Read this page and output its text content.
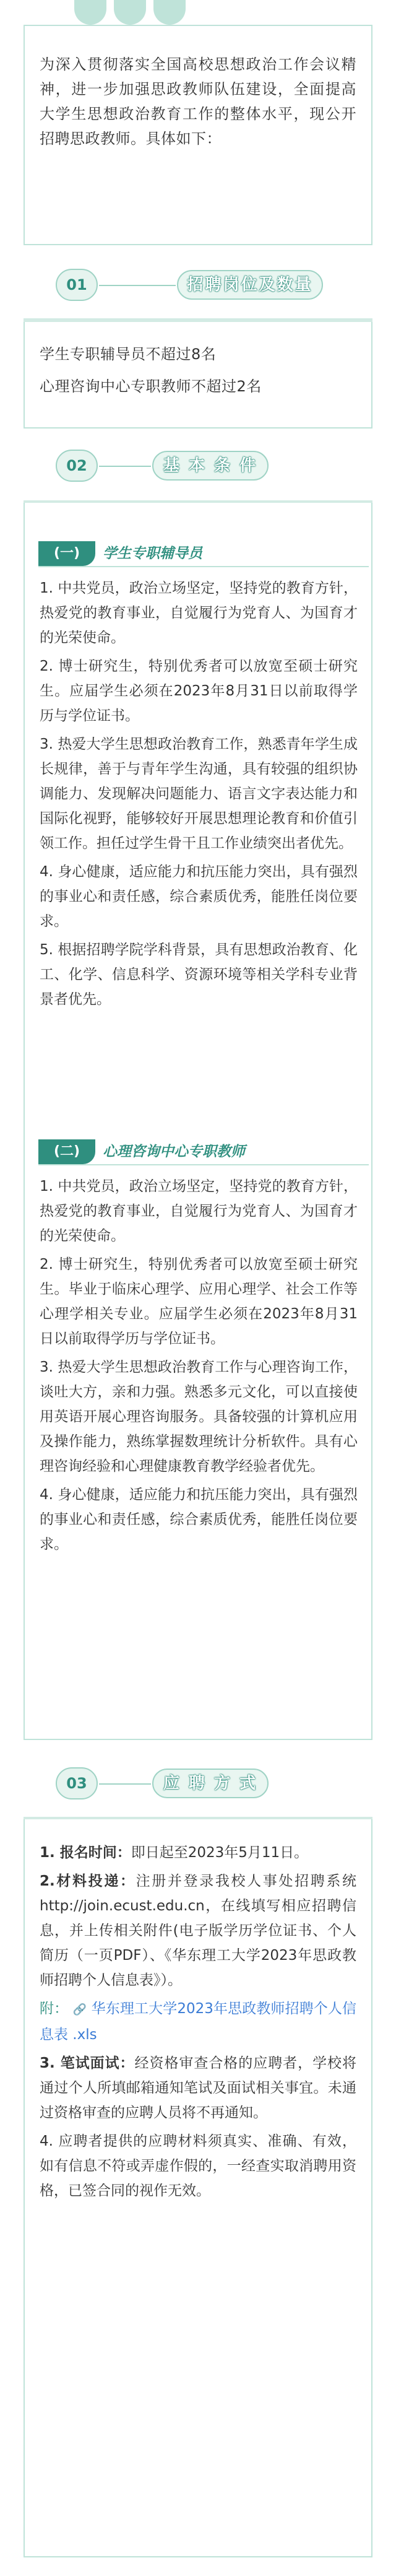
为深入贯彻落实全国高校思想政治工作会议精神，进一步加强思政教师队伍建设，全面提高大学生思想政治教育工作的整体水平，现公开招聘思政教师。具体如下：

01	招聘岗位及数量

学生专职辅导员不超过8名

心理咨询中心专职教师不超过2名

02	基 本 条 件
(一)	学生专职辅导员

1. 中共党员，政治立场坚定，坚持党的教育方针，热爱党的教育事业，自觉履行为党育人、为国育才的光荣使命。

2. 博士研究生，特别优秀者可以放宽至硕士研究生。应届学生必须在2023年8月31日以前取得学历与学位证书。

3. 热爱大学生思想政治教育工作，熟悉青年学生成长规律，善于与青年学生沟通，具有较强的组织协调能力、发现解决问题能力、语言文字表达能力和国际化视野，能够较好开展思想理论教育和价值引领工作。担任过学生骨干且工作业绩突出者优先。

4. 身心健康，适应能力和抗压能力突出，具有强烈的事业心和责任感，综合素质优秀，能胜任岗位要求。

5. 根据招聘学院学科背景，具有思想政治教育、化工、化学、信息科学、资源环境等相关学科专业背景者优先。

(二)	心理咨询中心专职教师

1. 中共党员，政治立场坚定，坚持党的教育方针，热爱党的教育事业，自觉履行为党育人、为国育才的光荣使命。

2. 博士研究生，特别优秀者可以放宽至硕士研究生。毕业于临床心理学、应用心理学、社会工作等心理学相关专业。应届学生必须在2023年8月31日以前取得学历与学位证书。

3. 热爱大学生思想政治教育工作与心理咨询工作，谈吐大方，亲和力强。熟悉多元文化，可以直接使用英语开展心理咨询服务。具备较强的计算机应用及操作能力，熟练掌握数理统计分析软件。具有心理咨询经验和心理健康教育教学经验者优先。

4. 身心健康，适应能力和抗压能力突出，具有强烈的事业心和责任感，综合素质优秀，能胜任岗位要求。

03	应 聘 方 式

1. 报名时间：即日起至2023年5月11日。

2.材料投递：注册并登录我校人事处招聘系统http://join.ecust.edu.cn，在线填写相应招聘信息，并上传相关附件(电子版学历学位证书、个人简历（一页PDF）、《华东理工大学2023年思政教师招聘个人信息表》）。

附： 🔗 华东理工大学2023年思政教师招聘个人信息表 .xls

3. 笔试面试：经资格审查合格的应聘者，学校将通过个人所填邮箱通知笔试及面试相关事宜。未通过资格审查的应聘人员将不再通知。

4. 应聘者提供的应聘材料须真实、准确、有效，如有信息不符或弄虚作假的，一经查实取消聘用资格，已签合同的视作无效。
